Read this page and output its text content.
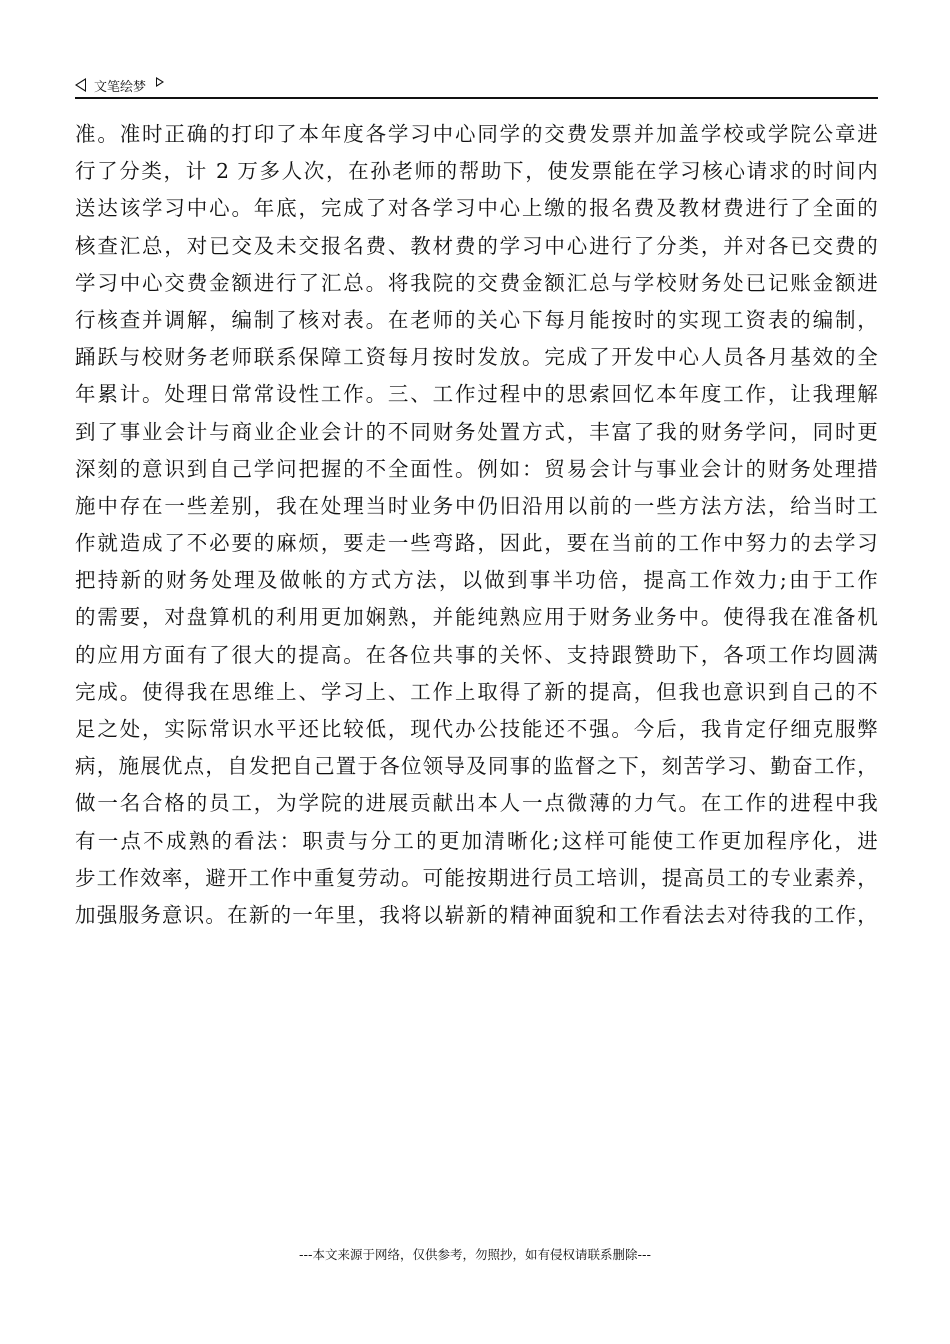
文笔绘梦
准。准时正确的打印了本年度各学习中心同学的交费发票并加盖学校或学院公章进
行了分类，计 2 万多人次，在孙老师的帮助下，使发票能在学习核心请求的时间内
送达该学习中心。年底，完成了对各学习中心上缴的报名费及教材费进行了全面的
核查汇总，对已交及未交报名费、教材费的学习中心进行了分类，并对各已交费的
学习中心交费金额进行了汇总。将我院的交费金额汇总与学校财务处已记账金额进
行核查并调解，编制了核对表。在老师的关心下每月能按时的实现工资表的编制，
踊跃与校财务老师联系保障工资每月按时发放。完成了开发中心人员各月基效的全
年累计。处理日常常设性工作。三、工作过程中的思索回忆本年度工作，让我理解
到了事业会计与商业企业会计的不同财务处置方式，丰富了我的财务学问，同时更
深刻的意识到自己学问把握的不全面性。例如：贸易会计与事业会计的财务处理措
施中存在一些差别，我在处理当时业务中仍旧沿用以前的一些方法方法，给当时工
作就造成了不必要的麻烦，要走一些弯路，因此，要在当前的工作中努力的去学习
把持新的财务处理及做帐的方式方法，以做到事半功倍，提高工作效力;由于工作
的需要，对盘算机的利用更加娴熟，并能纯熟应用于财务业务中。使得我在准备机
的应用方面有了很大的提高。在各位共事的关怀、支持跟赞助下，各项工作均圆满
完成。使得我在思维上、学习上、工作上取得了新的提高，但我也意识到自己的不
足之处，实际常识水平还比较低，现代办公技能还不强。今后，我肯定仔细克服弊
病，施展优点，自发把自己置于各位领导及同事的监督之下，刻苦学习、勤奋工作，
做一名合格的员工，为学院的进展贡献出本人一点微薄的力气。在工作的进程中我
有一点不成熟的看法：职责与分工的更加清晰化;这样可能使工作更加程序化，进
步工作效率，避开工作中重复劳动。可能按期进行员工培训，提高员工的专业素养，
加强服务意识。在新的一年里，我将以崭新的精神面貌和工作看法去对待我的工作，
---本文来源于网络，仅供参考，勿照抄，如有侵权请联系删除---
